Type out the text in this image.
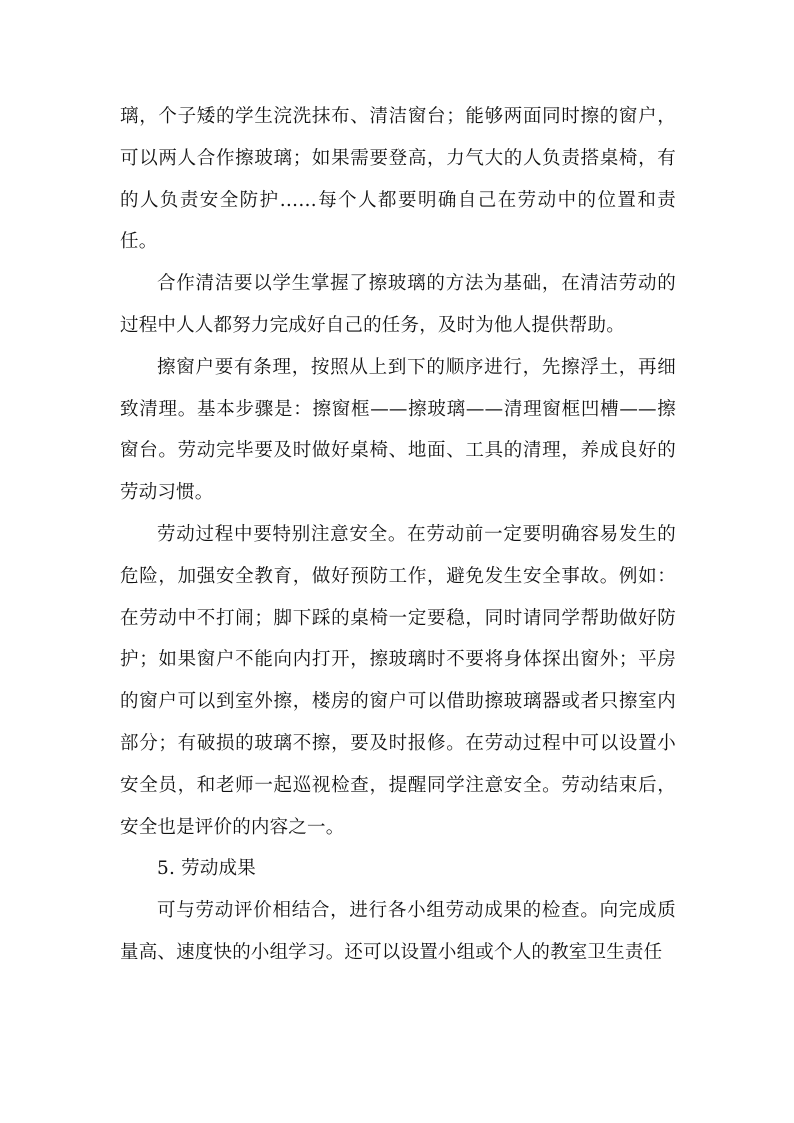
璃，个子矮的学生浣洗抹布、清洁窗台；能够两面同时擦的窗户，可以两人合作擦玻璃；如果需要登高，力气大的人负责搭桌椅，有的人负责安全防护……每个人都要明确自己在劳动中的位置和责任。

合作清洁要以学生掌握了擦玻璃的方法为基础，在清洁劳动的过程中人人都努力完成好自己的任务，及时为他人提供帮助。

擦窗户要有条理，按照从上到下的顺序进行，先擦浮土，再细致清理。基本步骤是：擦窗框——擦玻璃——清理窗框凹槽——擦窗台。劳动完毕要及时做好桌椅、地面、工具的清理，养成良好的劳动习惯。

劳动过程中要特别注意安全。在劳动前一定要明确容易发生的危险，加强安全教育，做好预防工作，避免发生安全事故。例如：在劳动中不打闹；脚下踩的桌椅一定要稳，同时请同学帮助做好防护；如果窗户不能向内打开，擦玻璃时不要将身体探出窗外；平房的窗户可以到室外擦，楼房的窗户可以借助擦玻璃器或者只擦室内部分；有破损的玻璃不擦，要及时报修。在劳动过程中可以设置小安全员，和老师一起巡视检查，提醒同学注意安全。劳动结束后，安全也是评价的内容之一。

5. 劳动成果

可与劳动评价相结合，进行各小组劳动成果的检查。向完成质量高、速度快的小组学习。还可以设置小组或个人的教室卫生责任
